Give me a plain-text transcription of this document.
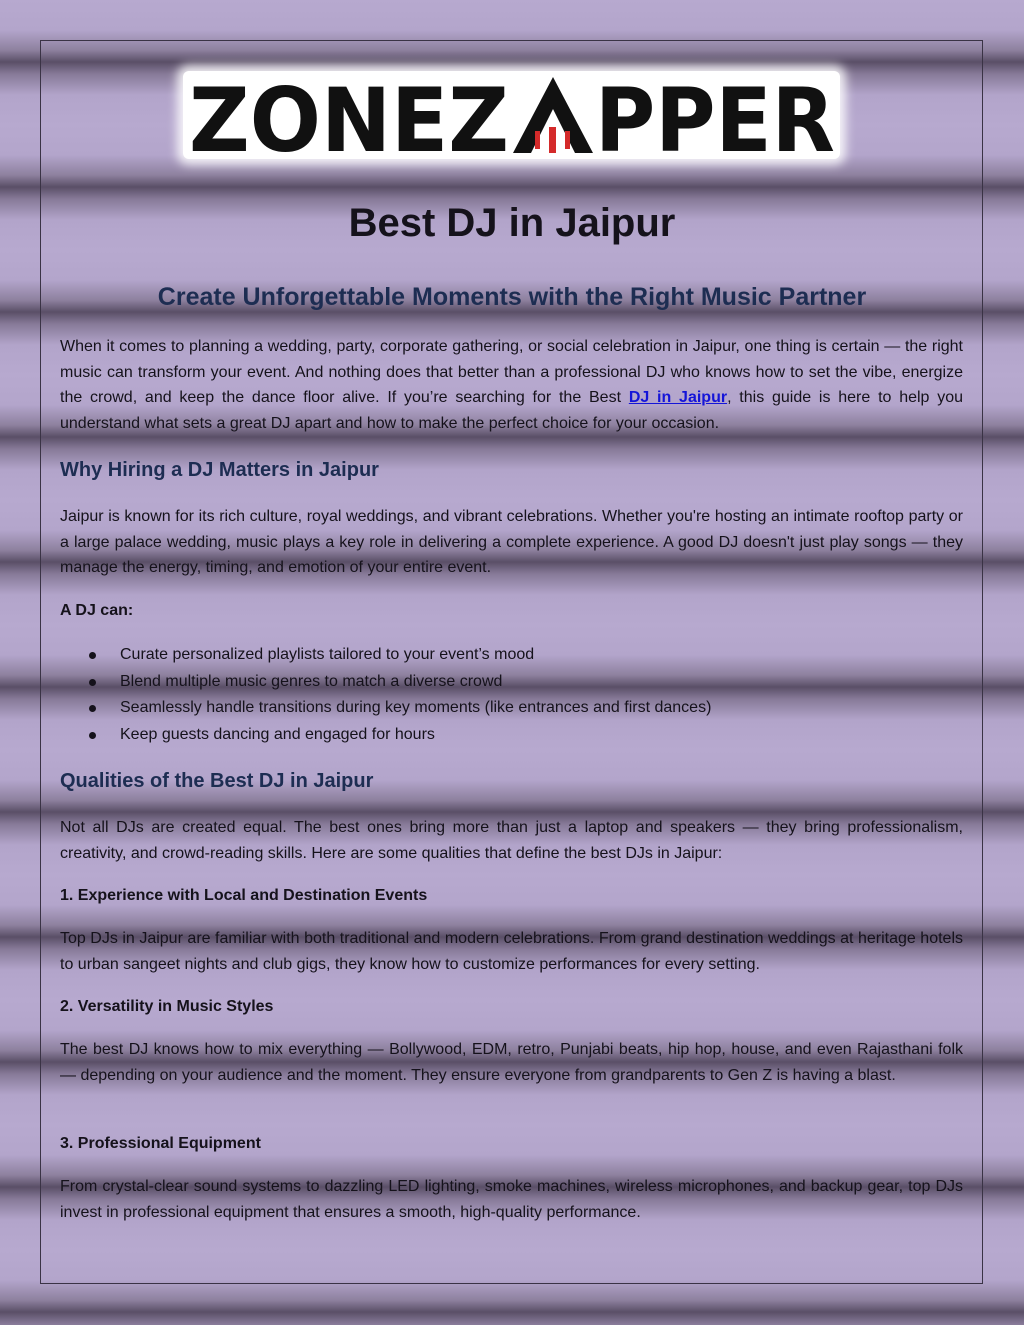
ZONEZ PPER
Best DJ in Jaipur
Create Unforgettable Moments with the Right Music Partner

When it comes to planning a wedding, party, corporate gathering, or social celebration in Jaipur, one thing is certain — the right music can transform your event. And nothing does that better than a professional DJ who knows how to set the vibe, energize the crowd, and keep the dance floor alive. If you’re searching for the Best DJ in Jaipur, this guide is here to help you understand what sets a great DJ apart and how to make the perfect choice for your occasion.

Why Hiring a DJ Matters in Jaipur

Jaipur is known for its rich culture, royal weddings, and vibrant celebrations. Whether you're hosting an intimate rooftop party or a large palace wedding, music plays a key role in delivering a complete experience. A good DJ doesn't just play songs — they manage the energy, timing, and emotion of your entire event.

A DJ can:
Curate personalized playlists tailored to your event’s mood
Blend multiple music genres to match a diverse crowd
Seamlessly handle transitions during key moments (like entrances and first dances)
Keep guests dancing and engaged for hours
Qualities of the Best DJ in Jaipur

Not all DJs are created equal. The best ones bring more than just a laptop and speakers — they bring professionalism, creativity, and crowd-reading skills. Here are some qualities that define the best DJs in Jaipur:

1. Experience with Local and Destination Events

Top DJs in Jaipur are familiar with both traditional and modern celebrations. From grand destination weddings at heritage hotels to urban sangeet nights and club gigs, they know how to customize performances for every setting.

2. Versatility in Music Styles

The best DJ knows how to mix everything — Bollywood, EDM, retro, Punjabi beats, hip hop, house, and even Rajasthani folk — depending on your audience and the moment. They ensure everyone from grandparents to Gen Z is having a blast.

3. Professional Equipment

From crystal-clear sound systems to dazzling LED lighting, smoke machines, wireless microphones, and backup gear, top DJs invest in professional equipment that ensures a smooth, high-quality performance.
